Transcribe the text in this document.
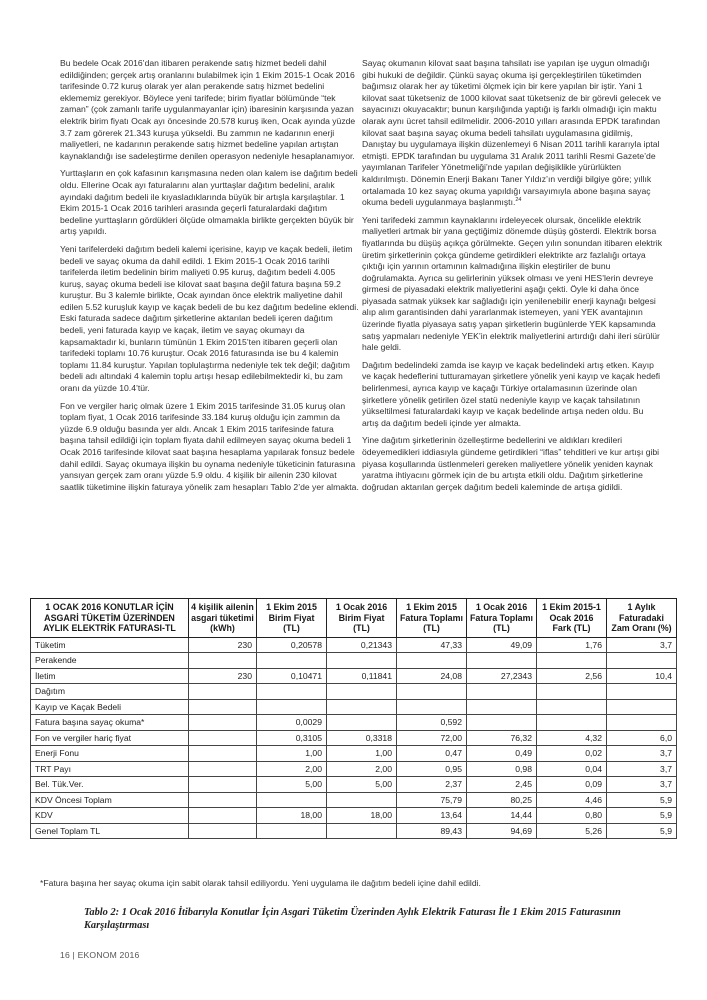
Bu bedele Ocak 2016’dan itibaren perakende satış hizmet bedeli dahil edildiğinden; gerçek artış oranlarını bulabilmek için 1 Ekim 2015-1 Ocak 2016 tarifesinde 0.72 kuruş olarak yer alan perakende satış hizmet bedelini eklememiz gerekiyor. Böylece yeni tarifede; birim fiyatlar bölümünde “tek zaman” (çok zamanlı tarife uygulanmayanlar için) ibaresinin karşısında yazan elektrik birim fiyatı Ocak ayı öncesinde 20.578 kuruş iken, Ocak ayında yüzde 3.7 zam görerek 21.343 kuruşa yükseldi. Bu zammın ne kadarının enerji maliyetleri, ne kadarının perakende satış hizmet bedeline yapılan artıştan kaynaklandığı ise sadeleştirme denilen operasyon nedeniyle hesaplanamıyor.

Yurttaşların en çok kafasının karışmasına neden olan kalem ise dağıtım bedeli oldu. Ellerine Ocak ayı faturalarını alan yurttaşlar dağıtım bedelini, aralık ayındaki dağıtım bedeli ile kıyasladıklarında büyük bir artışla karşılaştılar. 1 Ekim 2015-1 Ocak 2016 tarihleri arasında geçerli faturalardaki dağıtım bedeline yurttaşların gördükleri ölçüde olmamakla birlikte gerçekten büyük bir artış yapıldı.

Yeni tarifelerdeki dağıtım bedeli kalemi içerisine, kayıp ve kaçak bedeli, iletim bedeli ve sayaç okuma da dahil edildi. 1 Ekim 2015-1 Ocak 2016 tarihli tarifelerda iletim bedelinin birim maliyeti 0.95 kuruş, dağıtım bedeli 4.005 kuruş, sayaç okuma bedeli ise kilovat saat başına değil fatura başına 59.2 kuruştur. Bu 3 kalemle birlikte, Ocak ayından önce elektrik maliyetine dahil edilen 5.52 kuruşluk kayıp ve kaçak bedeli de bu kez dağıtım bedeline eklendi. Eski faturada sadece dağıtım şirketlerine aktarılan bedeli içeren dağıtım bedeli, yeni faturada kayıp ve kaçak, iletim ve sayaç okumayı da kapsamaktadır ki, bunların tümünün 1 Ekim 2015’ten itibaren geçerli olan tarifedeki toplamı 10.76 kuruştur. Ocak 2016 faturasında ise bu 4 kalemin toplamı 11.84 kuruştur. Yapılan toplulaştırma nedeniyle tek tek değil; dağıtım bedeli adı altındaki 4 kalemin toplu artışı hesap edilebilmektedir ki, bu zam oranı da yüzde 10.4’tür.

Fon ve vergiler hariç olmak üzere 1 Ekim 2015 tarifesinde 31.05 kuruş olan toplam fiyat, 1 Ocak 2016 tarifesinde 33.184 kuruş olduğu için zammın da yüzde 6.9 olduğu basında yer aldı. Ancak 1 Ekim 2015 tarifesinde fatura başına tahsil edildiği için toplam fiyata dahil edilmeyen sayaç okuma bedeli 1 Ocak 2016 tarifesinde kilovat saat başına hesaplama yapılarak fonsuz bedele dahil edildi. Sayaç okumaya ilişkin bu oynama nedeniyle tüketicinin faturasına yansıyan gerçek zam oranı yüzde 5.9 oldu. 4 kişilik bir ailenin 230 kilovat saatlik tüketimine ilişkin faturaya yönelik zam hesapları Tablo 2’de yer almakta.

Sayaç okumanın kilovat saat başına tahsilatı ise yapılan işe uygun olmadığı gibi hukuki de değildir. Çünkü sayaç okuma işi gerçekleştirilen tüketimden bağımsız olarak her ay tüketimi ölçmek için bir kere yapılan bir iştir. Yani 1 kilovat saat tüketseniz de 1000 kilovat saat tüketseniz de bir görevli gelecek ve sayacınızı okuyacaktır; bunun karşılığında yaptığı iş farklı olmadığı için maktu olarak aynı ücret tahsil edilmelidir. 2006-2010 yılları arasında EPDK tarafından kilovat saat başına sayaç okuma bedeli tahsilatı uygulamasına gidilmiş, Danıştay bu uygulamaya ilişkin düzenlemeyi 6 Nisan 2011 tarihli kararıyla iptal etmişti. EPDK tarafından bu uygulama 31 Aralık 2011 tarihli Resmi Gazete’de yayımlanan Tarifeler Yönetmeliği’nde yapılan değişiklikle yürürlükten kaldırılmıştı. Dönemin Enerji Bakanı Taner Yıldız’ın verdiği bilgiye göre; yıllık ortalamada 10 kez sayaç okuma yapıldığı varsayımıyla abone başına sayaç okuma bedeli uygulanmaya başlanmıştı.$^{24}$

Yeni tarifedeki zammın kaynaklarını irdeleyecek olursak, öncelikle elektrik maliyetleri artmak bir yana geçtiğimiz dönemde düşüş gösterdi. Elektrik borsa fiyatlarında bu düşüş açıkça görülmekte. Geçen yılın sonundan itibaren elektrik üretim şirketlerinin çokça gündeme getirdikleri elektrikte arz fazlalığı ortaya çıktığı için yarının ortamının kalmadığına ilişkin eleştiriler de bunu doğrulamakta. Ayrıca su gelirlerinin yüksek olması ve yeni HES’lerin devreye girmesi de piyasadaki elektrik maliyetlerini aşağı çekti. Öyle ki daha önce piyasada satmak yüksek kar sağladığı için yenilenebilir enerji kaynağı belgesi alıp alım garantisinden dahi yararlanmak istemeyen, yani YEK avantajının üzerinde fiyatla piyasaya satış yapan şirketlerin bugünlerde YEK kapsamında satış yapmaları nedeniyle YEK’in elektrik maliyetlerini artırdığı dahi ileri sürülür hale geldi.

Dağıtım bedelindeki zamda ise kayıp ve kaçak bedelindeki artış etken. Kayıp ve kaçak hedeflerini tutturamayan şirketlere yönelik yeni kayıp ve kaçak hedefi belirlenmesi, ayrıca kayıp ve kaçağı Türkiye ortalamasının üzerinde olan şirketlere yönelik getirilen özel statü nedeniyle kayıp ve kaçak tahsilatının yükseltilmesi faturalardaki kayıp ve kaçak bedelinde artışa neden oldu. Bu artış da dağıtım bedeli içinde yer almakta.

Yine dağıtım şirketlerinin özelleştirme bedellerini ve aldıkları kredileri ödeyemedikleri iddiasıyla gündeme getirdikleri “iflas” tehditleri ve kur artışı gibi piyasa koşullarında üstlenmeleri gereken maliyetlere yönelik yeniden kaynak yaratma ihtiyacını görmek için de bu artışta etkili oldu. Dağıtım şirketlerine doğrudan aktarılan gerçek dağıtım bedeli kaleminde de artışa gidildi.

1 OCAK 2016 KONUTLAR İÇİN ASGARİ TÜKETİM ÜZERİNDEN AYLIK ELEKTRİK FATURASI-TL	4 kişilik ailenin asgari tüketimi (kWh)	1 Ekim 2015 Birim Fiyat (TL)	1 Ocak 2016 Birim Fiyat (TL)	1 Ekim 2015 Fatura Toplamı (TL)	1 Ocak 2016 Fatura Toplamı (TL)	1 Ekim 2015-1 Ocak 2016 Fark (TL)	1 Aylık Faturadaki Zam Oranı (%)
Tüketim	230	0,20578	0,21343	47,33	49,09	1,76	3,7
Perakende							
İletim	230	0,10471	0,11841	24,08	27,2343	2,56	10,4
Dağıtım							
Kayıp ve Kaçak Bedeli							
Fatura başına sayaç okuma*		0,0029		0,592			
Fon ve vergiler hariç fiyat		0,3105	0,3318	72,00	76,32	4,32	6,0
Enerji Fonu		1,00	1,00	0,47	0,49	0,02	3,7
TRT Payı		2,00	2,00	0,95	0,98	0,04	3,7
Bel. Tük.Ver.		5,00	5,00	2,37	2,45	0,09	3,7
KDV Öncesi Toplam				75,79	80,25	4,46	5,9
KDV		18,00	18,00	13,64	14,44	0,80	5,9
Genel Toplam TL				89,43	94,69	5,26	5,9
*Fatura başına her sayaç okuma için sabit olarak tahsil ediliyordu. Yeni uygulama ile dağıtım bedeli içine dahil edildi.
Tablo 2: 1 Ocak 2016 İtibarıyla Konutlar İçin Asgari Tüketim Üzerinden Aylık Elektrik Faturası İle 1 Ekim 2015 Faturasının Karşılaştırması
16 | EKONOM 2016
